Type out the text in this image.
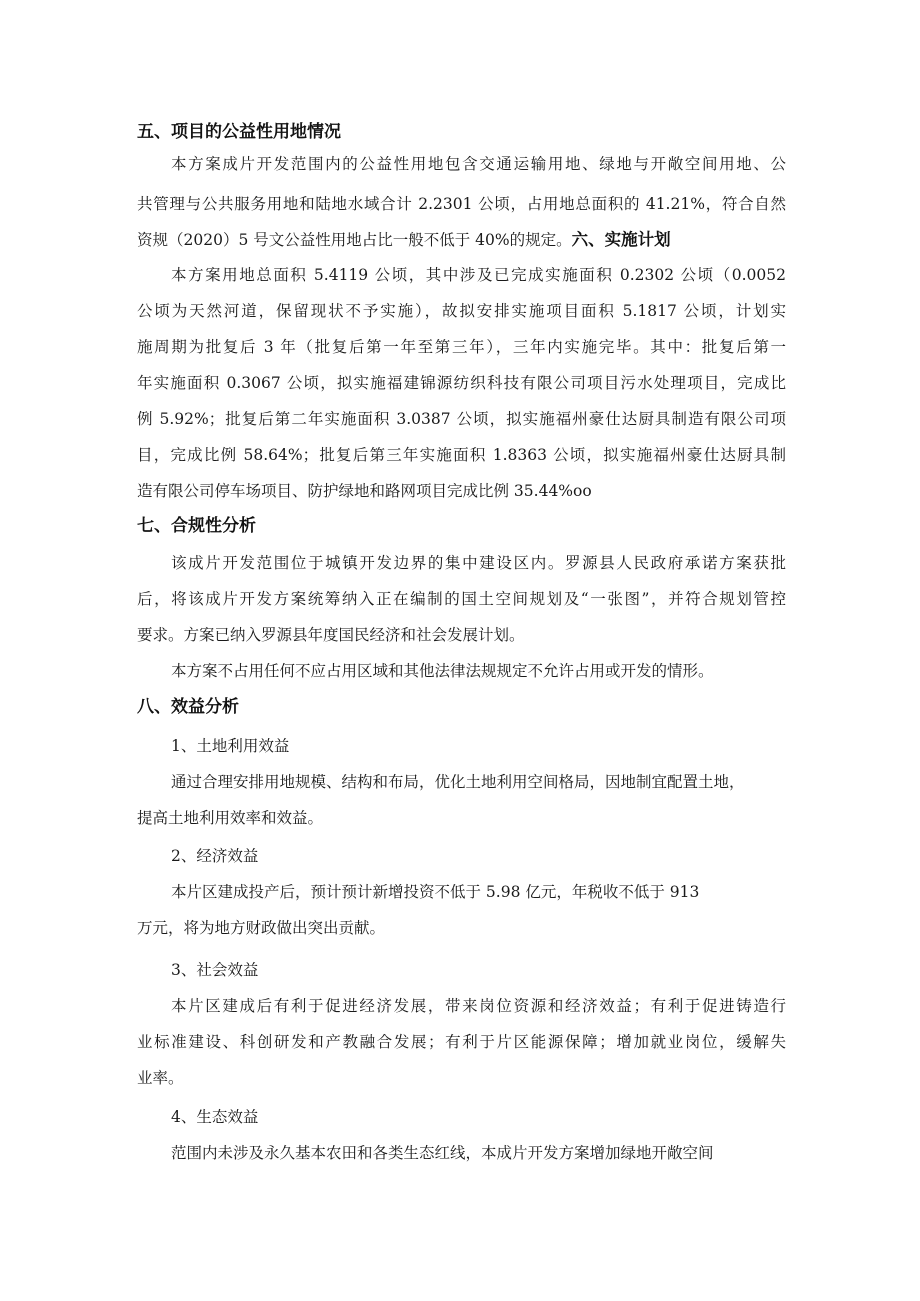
五、项目的公益性用地情况
本方案成片开发范围内的公益性用地包含交通运输用地、绿地与开敞空间用地、公
共管理与公共服务用地和陆地水域合计 2.2301 公顷，占用地总面积的 41.21%，符合自然
资规（2020）5 号文公益性用地占比一般不低于 40%的规定。六、实施计划
本方案用地总面积 5.4119 公顷，其中涉及已完成实施面积 0.2302 公顷（0.0052
公顷为天然河道，保留现状不予实施），故拟安排实施项目面积 5.1817 公顷，计划实
施周期为批复后 3 年（批复后第一年至第三年），三年内实施完毕。其中：批复后第一
年实施面积 0.3067 公顷，拟实施福建锦源纺织科技有限公司项目污水处理项目，完成比
例 5.92%；批复后第二年实施面积 3.0387 公顷，拟实施福州豪仕达厨具制造有限公司项
目，完成比例 58.64%；批复后第三年实施面积 1.8363 公顷，拟实施福州豪仕达厨具制
造有限公司停车场项目、防护绿地和路网项目完成比例 35.44%oo
七、合规性分析
该成片开发范围位于城镇开发边界的集中建设区内。罗源县人民政府承诺方案获批
后，将该成片开发方案统筹纳入正在编制的国土空间规划及“一张图”，并符合规划管控
要求。方案已纳入罗源县年度国民经济和社会发展计划。
本方案不占用任何不应占用区域和其他法律法规规定不允许占用或开发的情形。
八、效益分析
1、土地利用效益
通过合理安排用地规模、结构和布局，优化土地利用空间格局，因地制宜配置土地，
提高土地利用效率和效益。
2、经济效益
本片区建成投产后，预计预计新增投资不低于 5.98 亿元，年税收不低于 913
万元，将为地方财政做出突出贡献。
3、社会效益
本片区建成后有利于促进经济发展，带来岗位资源和经济效益；有利于促进铸造行
业标准建设、科创研发和产教融合发展；有利于片区能源保障；增加就业岗位，缓解失
业率。
4、生态效益
范围内未涉及永久基本农田和各类生态红线，本成片开发方案增加绿地开敞空间
